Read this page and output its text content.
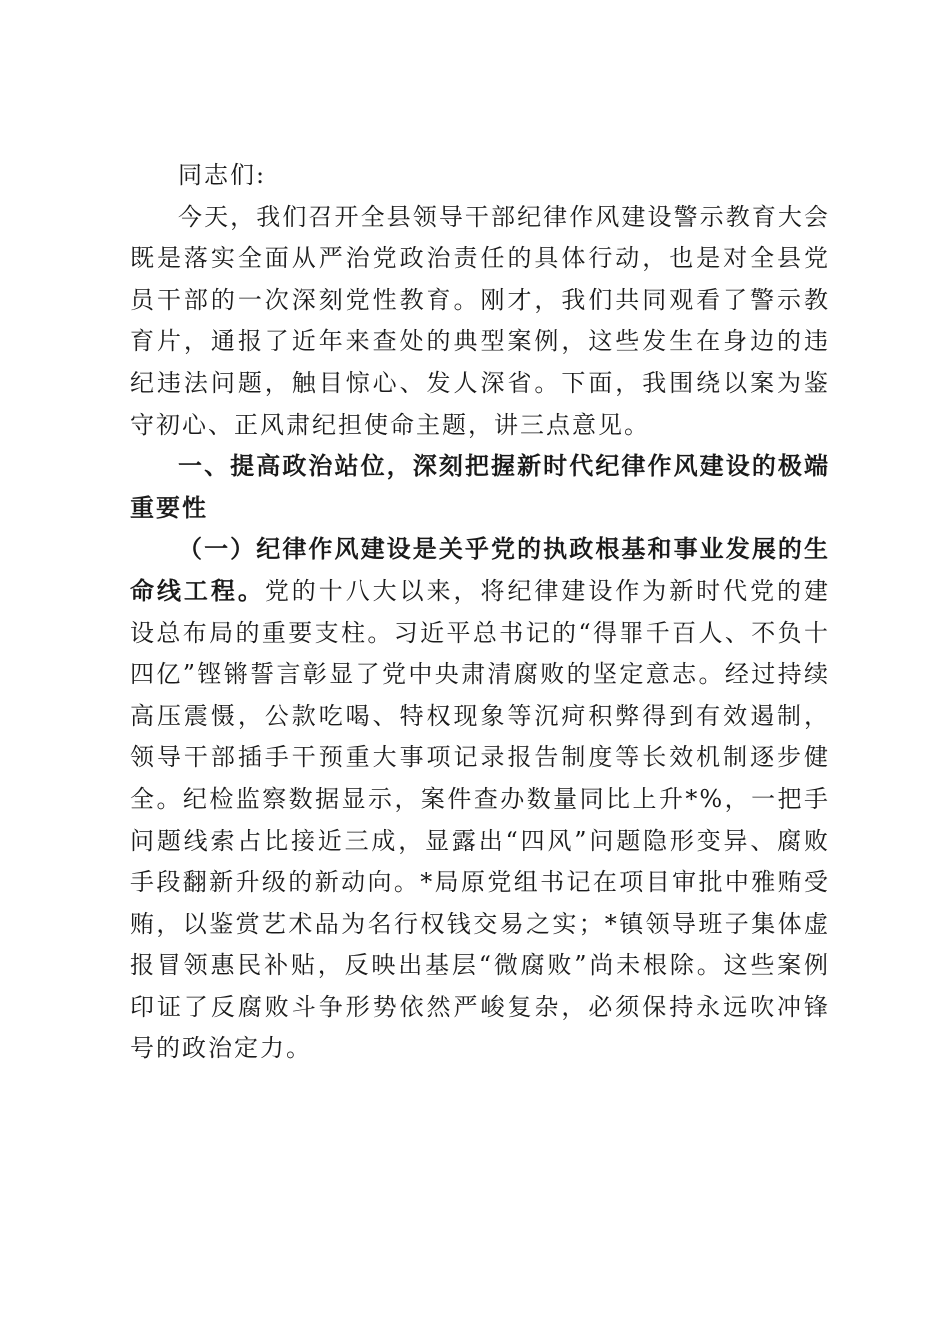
同志们:

今天，我们召开全县领导干部纪律作风建设警示教育大会既是落实全面从严治党政治责任的具体行动，也是对全县党员干部的一次深刻党性教育。刚才，我们共同观看了警示教育片，通报了近年来查处的典型案例，这些发生在身边的违纪违法问题，触目惊心、发人深省。下面，我围绕以案为鉴守初心、正风肃纪担使命主题，讲三点意见。

一、提高政治站位，深刻把握新时代纪律作风建设的极端重要性

（一）纪律作风建设是关乎党的执政根基和事业发展的生命线工程。党的十八大以来，将纪律建设作为新时代党的建设总布局的重要支柱。习近平总书记的“得罪千百人、不负十四亿”铿锵誓言彰显了党中央肃清腐败的坚定意志。经过持续高压震慑，公款吃喝、特权现象等沉疴积弊得到有效遏制，领导干部插手干预重大事项记录报告制度等长效机制逐步健全。纪检监察数据显示，案件查办数量同比上升*%，一把手问题线索占比接近三成，显露出“四风”问题隐形变异、腐败手段翻新升级的新动向。*局原党组书记在项目审批中雅贿受贿，以鉴赏艺术品为名行权钱交易之实；*镇领导班子集体虚报冒领惠民补贴，反映出基层“微腐败”尚未根除。这些案例印证了反腐败斗争形势依然严峻复杂，必须保持永远吹冲锋号的政治定力。
